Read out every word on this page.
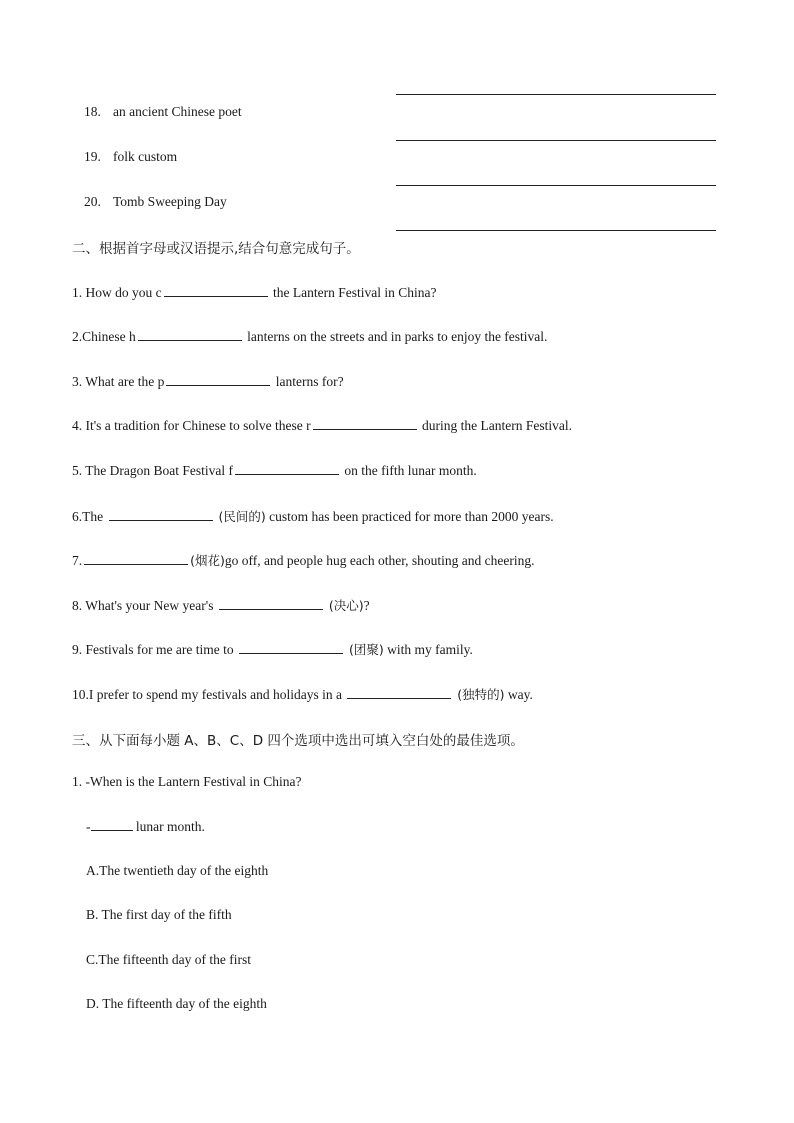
18. an ancient Chinese poet
19. folk custom
20. Tomb Sweeping Day
二、根据首字母或汉语提示,结合句意完成句子。
1. How do you c	the Lantern Festival in China?
2.Chinese h	lanterns on the streets and in parks to enjoy the festival.
3. What are the p	lanterns for?
4. It's a tradition for Chinese to solve these r	during the Lantern Festival.
5. The Dragon Boat Festival f	on the fifth lunar month.
6.The	(民间的) custom has been practiced for more than 2000 years.
7.	(烟花)go off, and people hug each other, shouting and cheering.
8. What's your New year's	(决心)?
9. Festivals for me are time to	(团聚) with my family.
10.I prefer to spend my festivals and holidays in a	(独特的) way.
三、从下面每小题 A、B、C、D 四个选项中选出可填入空白处的最佳选项。
1. -When is the Lantern Festival in China?
-	lunar month.
A.The twentieth day of the eighth
B. The first day of the fifth
C.The fifteenth day of the first
D. The fifteenth day of the eighth
